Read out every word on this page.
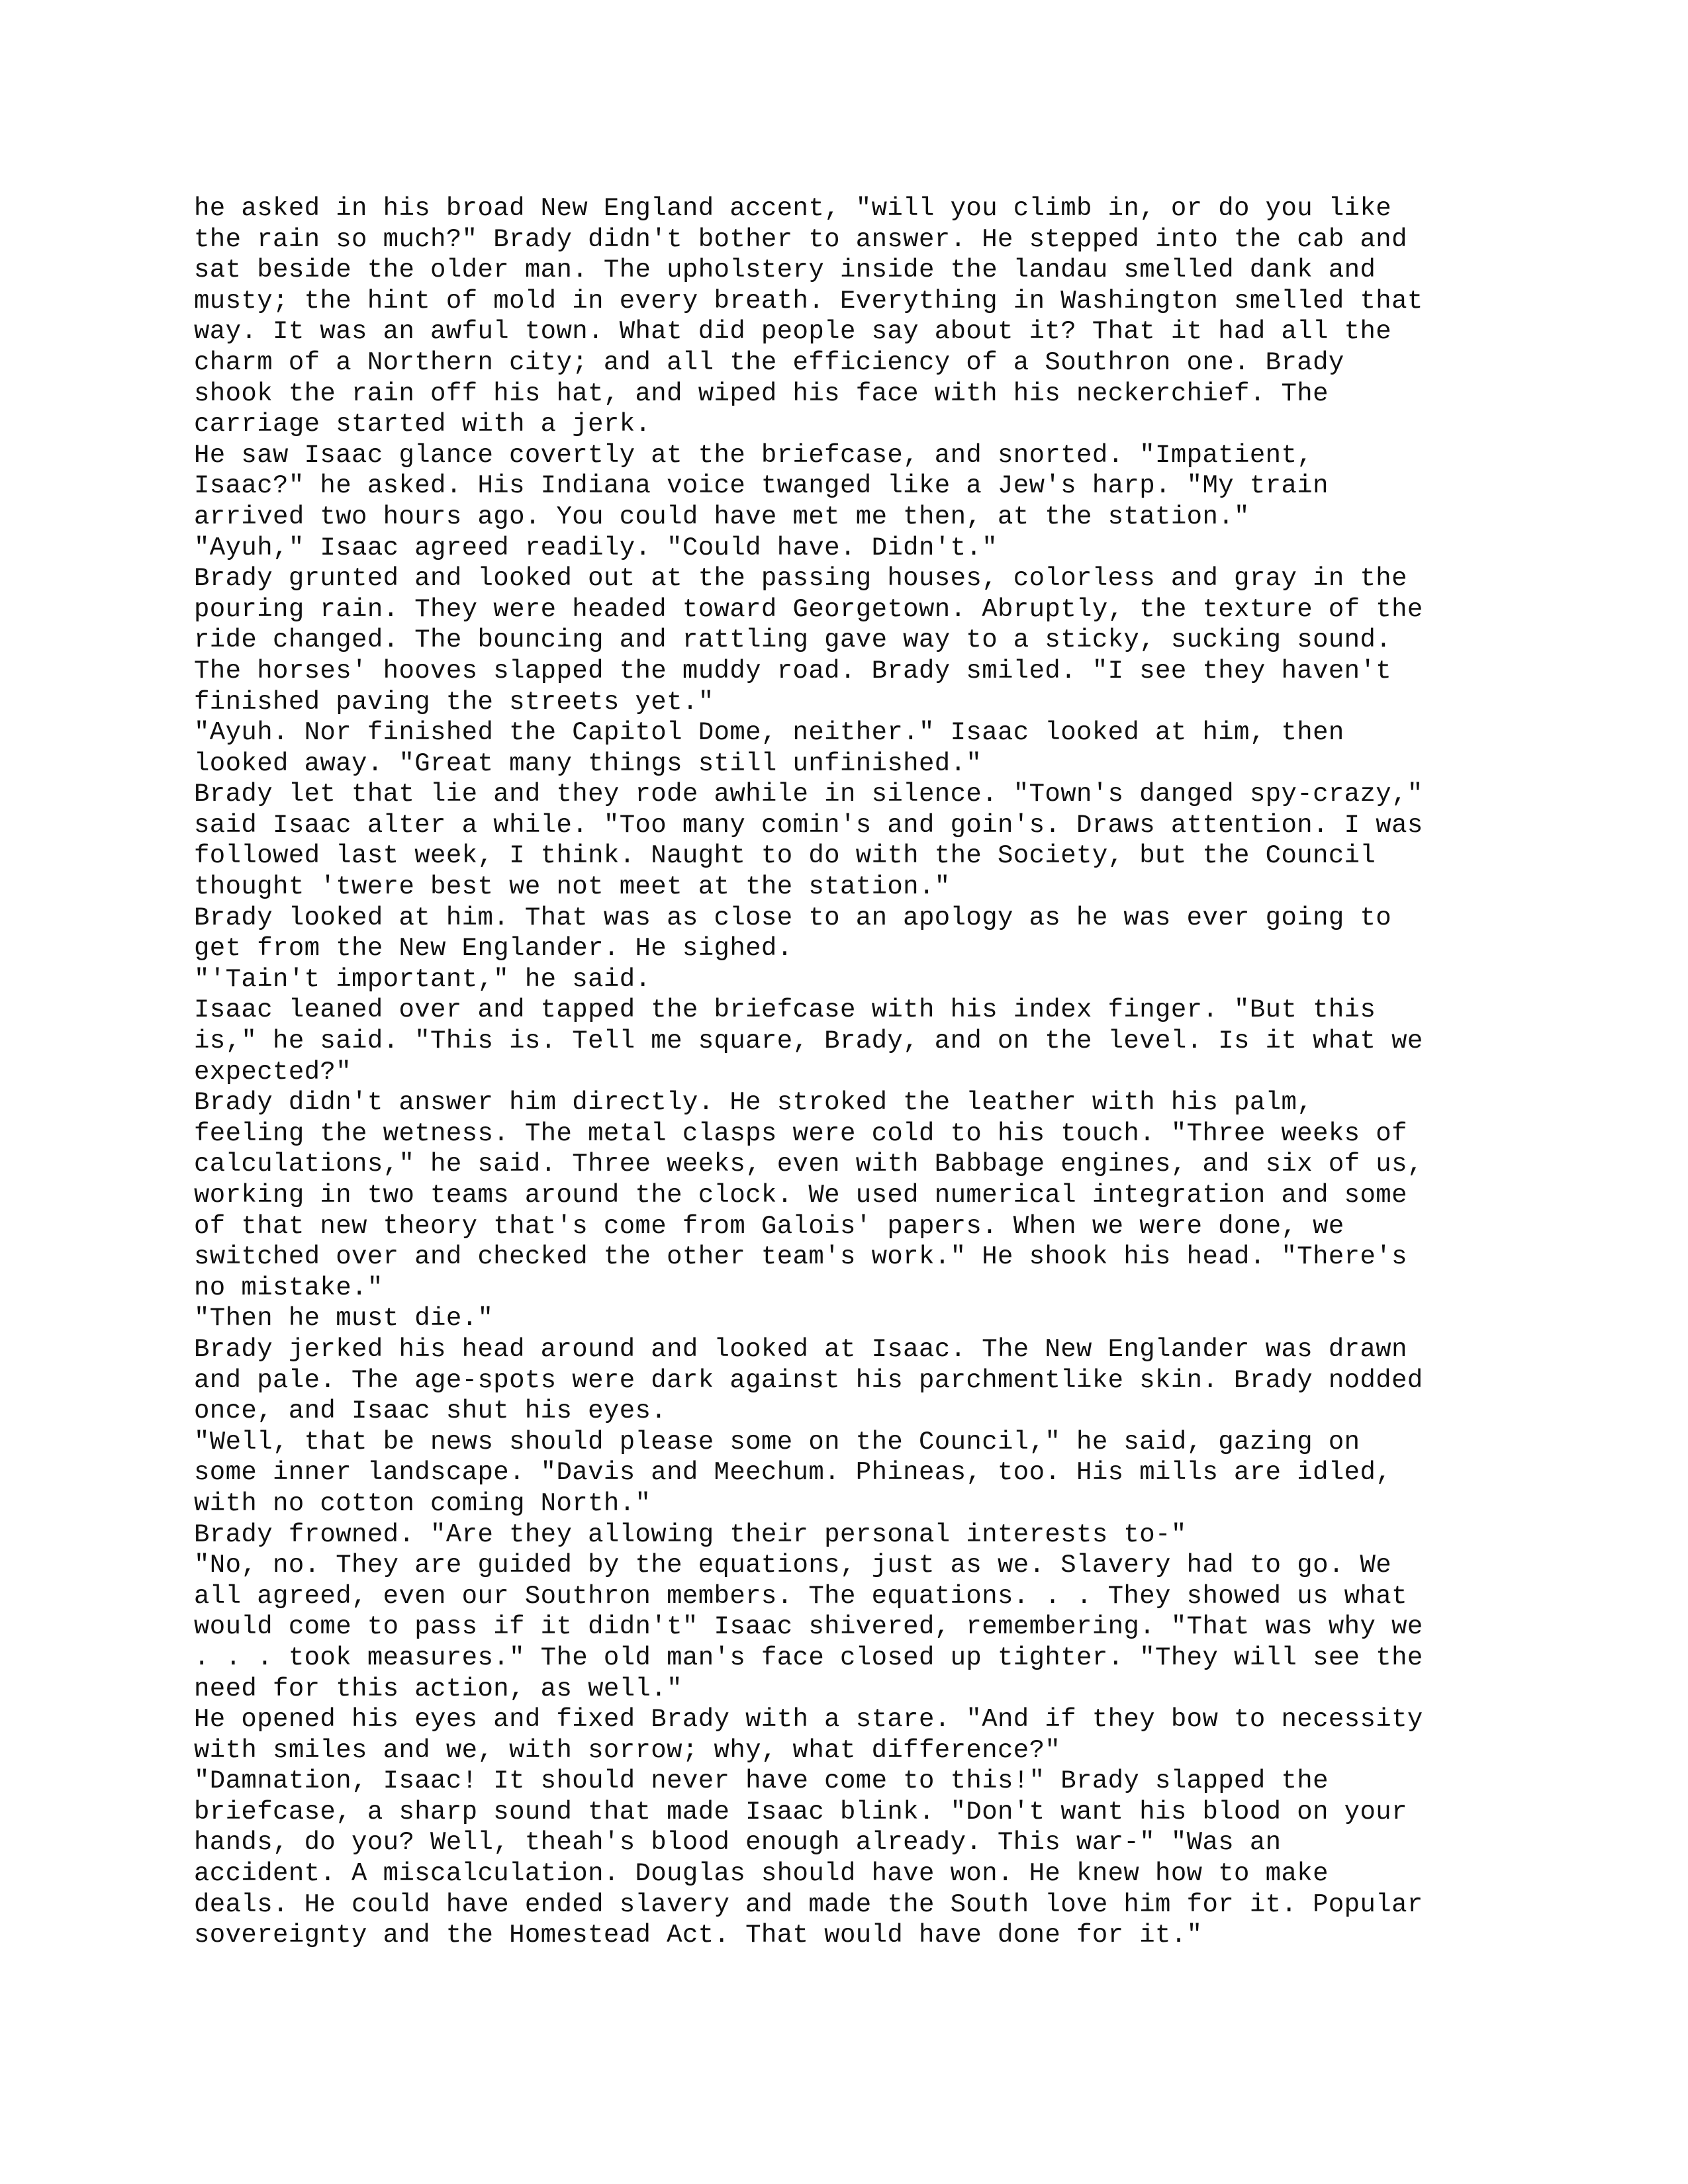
he asked in his broad New England accent, "will you climb in, or do you like
the rain so much?" Brady didn't bother to answer. He stepped into the cab and
sat beside the older man. The upholstery inside the landau smelled dank and
musty; the hint of mold in every breath. Everything in Washington smelled that
way. It was an awful town. What did people say about it? That it had all the
charm of a Northern city; and all the efficiency of a Southron one. Brady
shook the rain off his hat, and wiped his face with his neckerchief. The
carriage started with a jerk.
He saw Isaac glance covertly at the briefcase, and snorted. "Impatient,
Isaac?" he asked. His Indiana voice twanged like a Jew's harp. "My train
arrived two hours ago. You could have met me then, at the station."
"Ayuh," Isaac agreed readily. "Could have. Didn't."
Brady grunted and looked out at the passing houses, colorless and gray in the
pouring rain. They were headed toward Georgetown. Abruptly, the texture of the
ride changed. The bouncing and rattling gave way to a sticky, sucking sound.
The horses' hooves slapped the muddy road. Brady smiled. "I see they haven't
finished paving the streets yet."
"Ayuh. Nor finished the Capitol Dome, neither." Isaac looked at him, then
looked away. "Great many things still unfinished."
Brady let that lie and they rode awhile in silence. "Town's danged spy-crazy,"
said Isaac alter a while. "Too many comin's and goin's. Draws attention. I was
followed last week, I think. Naught to do with the Society, but the Council
thought 'twere best we not meet at the station."
Brady looked at him. That was as close to an apology as he was ever going to
get from the New Englander. He sighed.
"'Tain't important," he said.
Isaac leaned over and tapped the briefcase with his index finger. "But this
is," he said. "This is. Tell me square, Brady, and on the level. Is it what we
expected?"
Brady didn't answer him directly. He stroked the leather with his palm,
feeling the wetness. The metal clasps were cold to his touch. "Three weeks of
calculations," he said. Three weeks, even with Babbage engines, and six of us,
working in two teams around the clock. We used numerical integration and some
of that new theory that's come from Galois' papers. When we were done, we
switched over and checked the other team's work." He shook his head. "There's
no mistake."
"Then he must die."
Brady jerked his head around and looked at Isaac. The New Englander was drawn
and pale. The age-spots were dark against his parchmentlike skin. Brady nodded
once, and Isaac shut his eyes.
"Well, that be news should please some on the Council," he said, gazing on
some inner landscape. "Davis and Meechum. Phineas, too. His mills are idled,
with no cotton coming North."
Brady frowned. "Are they allowing their personal interests to-"
"No, no. They are guided by the equations, just as we. Slavery had to go. We
all agreed, even our Southron members. The equations. . . They showed us what
would come to pass if it didn't" Isaac shivered, remembering. "That was why we
. . . took measures." The old man's face closed up tighter. "They will see the
need for this action, as well."
He opened his eyes and fixed Brady with a stare. "And if they bow to necessity
with smiles and we, with sorrow; why, what difference?"
"Damnation, Isaac! It should never have come to this!" Brady slapped the
briefcase, a sharp sound that made Isaac blink. "Don't want his blood on your
hands, do you? Well, theah's blood enough already. This war-" "Was an
accident. A miscalculation. Douglas should have won. He knew how to make
deals. He could have ended slavery and made the South love him for it. Popular
sovereignty and the Homestead Act. That would have done for it."
